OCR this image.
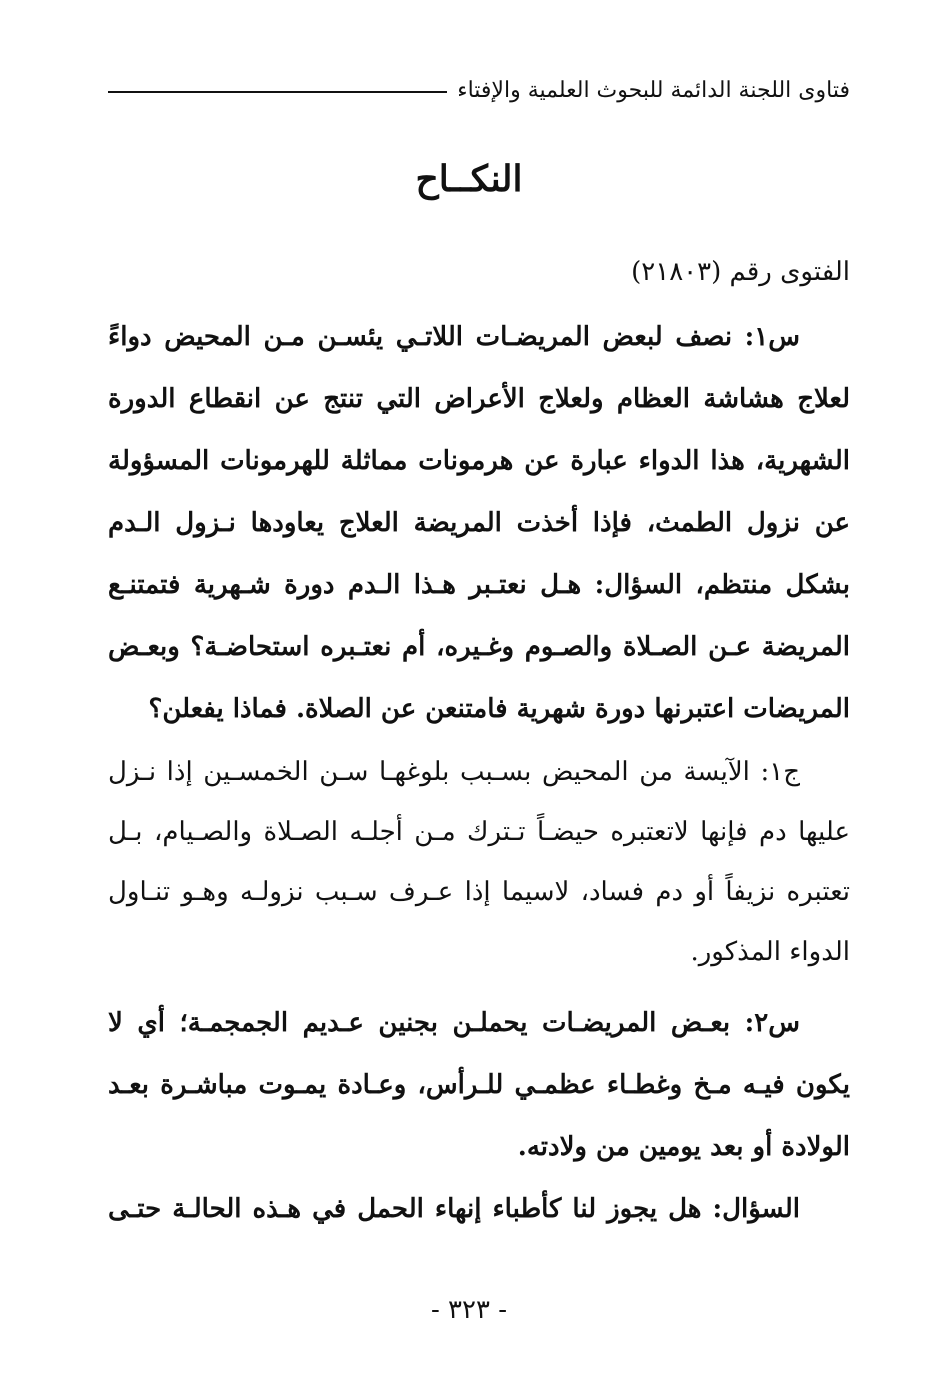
فتاوى اللجنة الدائمة للبحوث العلمية والإفتاء
النكــاح
الفتوى رقم (٢١٨٠٣)
س١: نصف لبعض المريضـات اللاتـي يئسـن مـن المحيض دواءً
لعلاج هشاشة العظام ولعلاج الأعراض التي تنتج عن انقطاع الدورة
الشهرية، هذا الدواء عبارة عن هرمونات مماثلة للهرمونات المسؤولة
عن نزول الطمث، فإذا أخذت المريضة العلاج يعاودها نـزول الـدم
بشكل منتظم، السؤال: هـل نعتـبر هـذا الـدم دورة شـهرية فتمتنـع
المريضة عـن الصـلاة والصـوم وغـيره، أم نعتـبره استحاضـة؟ وبعـض
المريضات اعتبرنها دورة شهرية فامتنعن عن الصلاة. فماذا يفعلن؟
ج١: الآيسة من المحيض بسـبب بلوغهـا سـن الخمسـين إذا نـزل
عليها دم فإنها لاتعتبره حيضـاً تـترك مـن أجلـه الصـلاة والصـيام، بـل
تعتبره نزيفاً أو دم فساد، لاسيما إذا عـرف سـبب نزولـه وهـو تنـاول
الدواء المذكور.
س٢: بعـض المريضـات يحملـن بجنين عـديم الجمجمـة؛ أي لا
يكون فيـه مـخ وغطـاء عظمـي للـرأس، وعـادة يمـوت مباشـرة بعـد
الولادة أو بعد يومين من ولادته.
السؤال: هل يجوز لنا كأطباء إنهاء الحمل في هـذه الحالـة حتـى
- ٣٢٣ -
